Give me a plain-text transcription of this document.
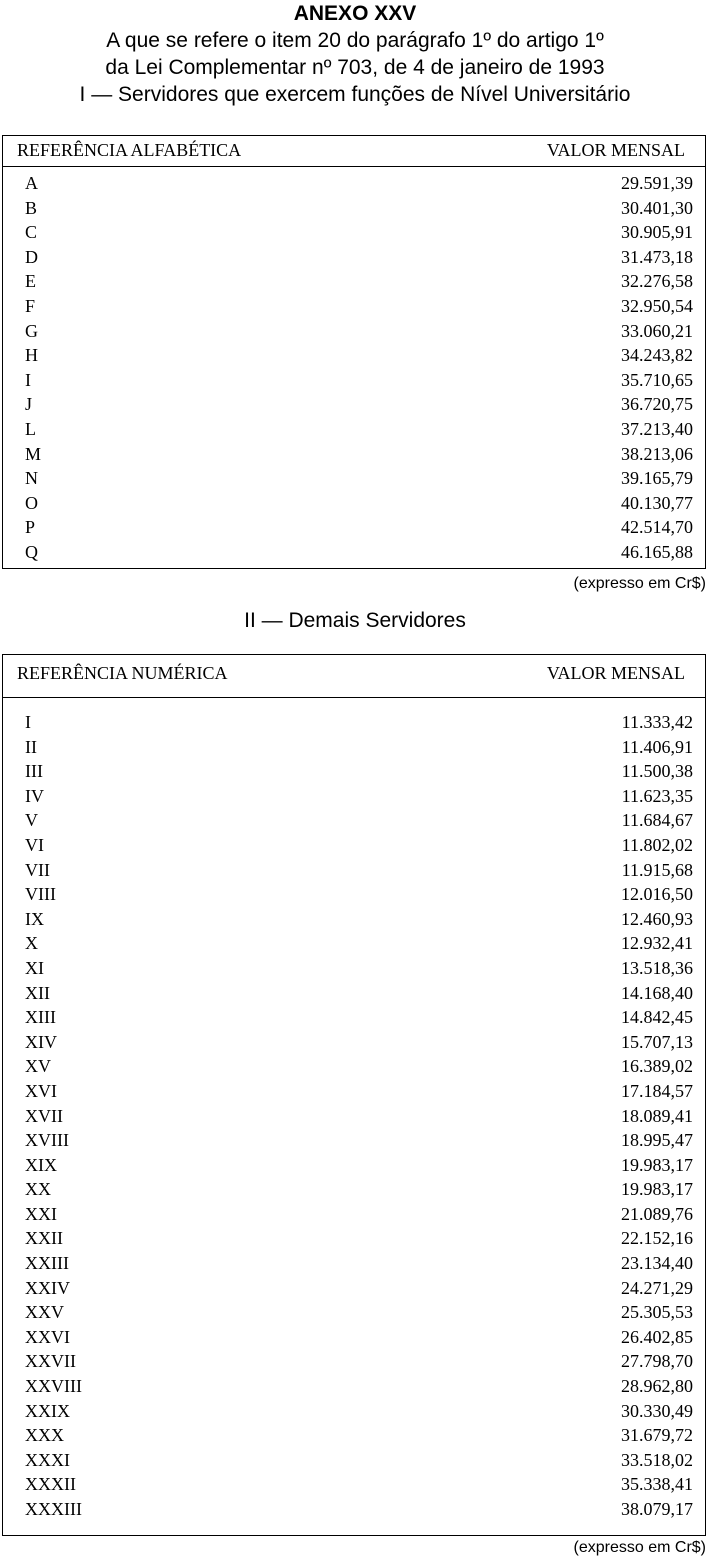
ANEXO XXV
A que se refere o item 20 do parágrafo 1º do artigo 1º
da Lei Complementar nº 703, de 4 de janeiro de 1993
I — Servidores que exercem funções de Nível Universitário
REFERÊNCIA ALFABÉTICA	VALOR MENSAL
A	29.591,39
B	30.401,30
C	30.905,91
D	31.473,18
E	32.276,58
F	32.950,54
G	33.060,21
H	34.243,82
I	35.710,65
J	36.720,75
L	37.213,40
M	38.213,06
N	39.165,79
O	40.130,77
P	42.514,70
Q	46.165,88
(expresso em Cr$)
II — Demais Servidores
REFERÊNCIA NUMÉRICA	VALOR MENSAL
I	11.333,42
II	11.406,91
III	11.500,38
IV	11.623,35
V	11.684,67
VI	11.802,02
VII	11.915,68
VIII	12.016,50
IX	12.460,93
X	12.932,41
XI	13.518,36
XII	14.168,40
XIII	14.842,45
XIV	15.707,13
XV	16.389,02
XVI	17.184,57
XVII	18.089,41
XVIII	18.995,47
XIX	19.983,17
XX	19.983,17
XXI	21.089,76
XXII	22.152,16
XXIII	23.134,40
XXIV	24.271,29
XXV	25.305,53
XXVI	26.402,85
XXVII	27.798,70
XXVIII	28.962,80
XXIX	30.330,49
XXX	31.679,72
XXXI	33.518,02
XXXII	35.338,41
XXXIII	38.079,17
(expresso em Cr$)
